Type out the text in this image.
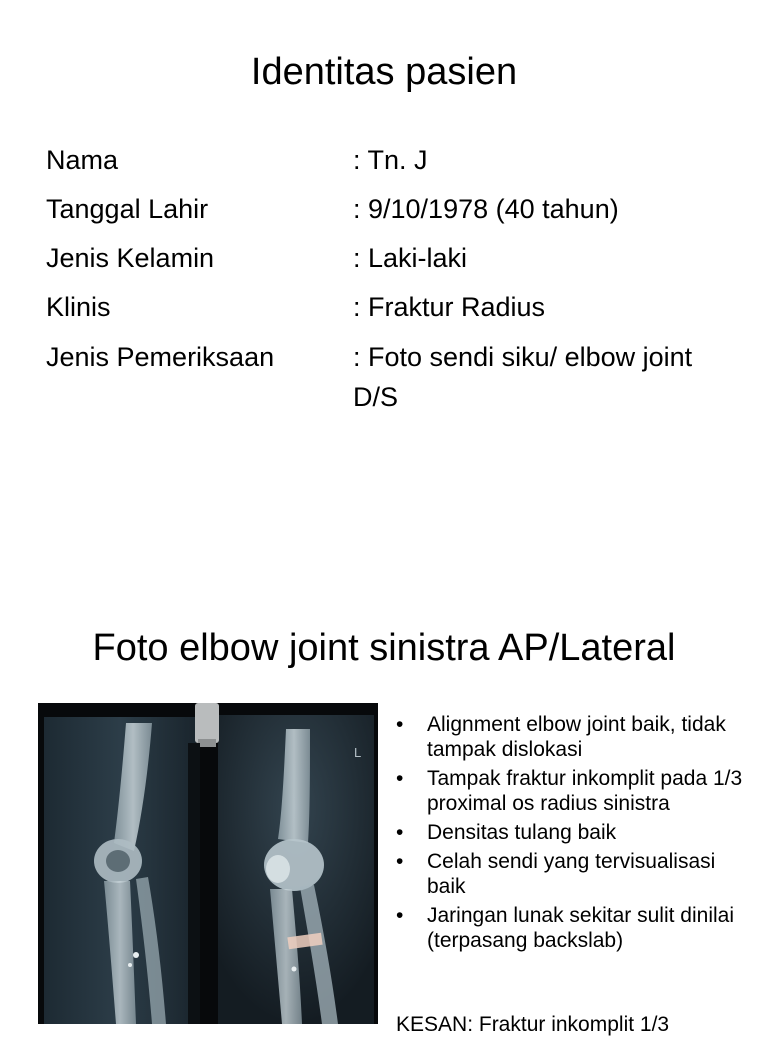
Identitas pasien
Nama	: Tn. J
Tanggal Lahir	: 9/10/1978 (40 tahun)
Jenis Kelamin	: Laki-laki
Klinis	: Fraktur Radius
Jenis Pemeriksaan	: Foto sendi siku/ elbow joint D/S
Foto elbow joint sinistra AP/Lateral
L
• Alignment elbow joint baik, tidak tampak dislokasi
• Tampak fraktur inkomplit pada 1/3 proximal os radius sinistra
• Densitas tulang baik
• Celah sendi yang tervisualisasi baik
• Jaringan lunak sekitar sulit dinilai (terpasang backslab)
KESAN: Fraktur inkomplit 1/3
